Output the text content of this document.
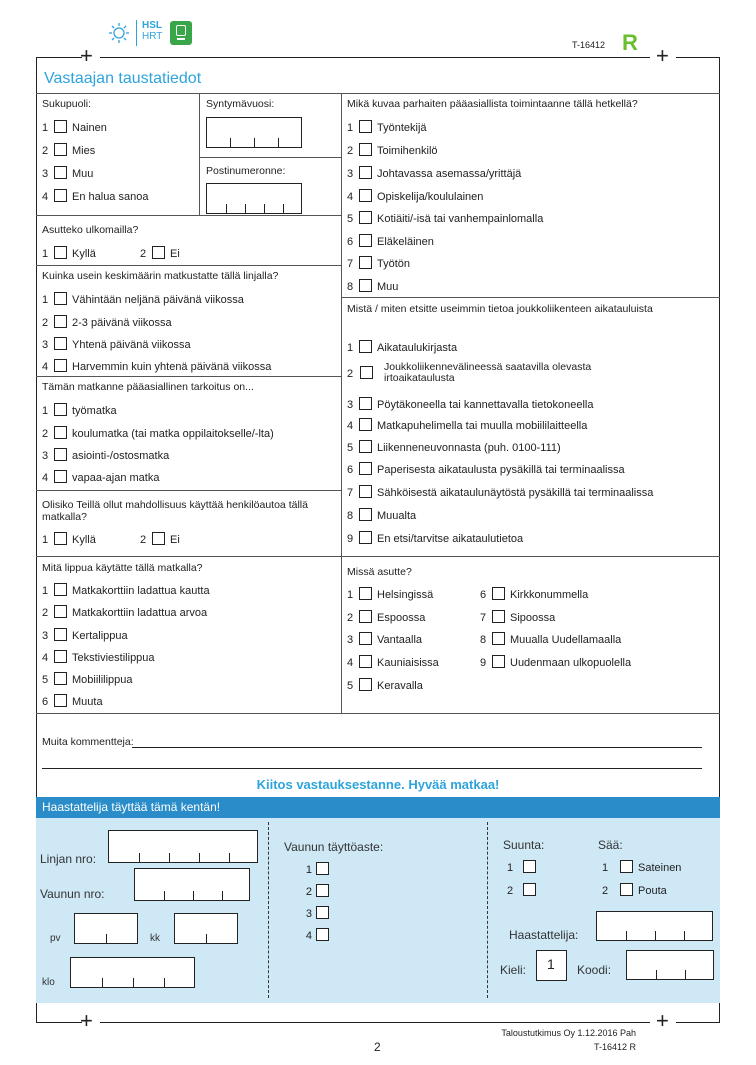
HSL
HRT
T-16412 R
+	+
Vastaajan taustatiedot
Sukupuoli:
1 Nainen
2 Mies
3 Muu
4 En halua sanoa
Syntymävuosi:
Postinumeronne:
Asutteko ulkomailla?
1 Kyllä	2 Ei
Kuinka usein keskimäärin matkustatte tällä linjalla?
1 Vähintään neljänä päivänä viikossa
2 2-3 päivänä viikossa
3 Yhtenä päivänä viikossa
4 Harvemmin kuin yhtenä päivänä viikossa
Tämän matkanne pääasiallinen tarkoitus on...
1 työmatka
2 koulumatka (tai matka oppilaitokselle/-lta)
3 asiointi-/ostosmatka
4 vapaa-ajan matka
Olisiko Teillä ollut mahdollisuus käyttää henkilöautoa tällä matkalla?
1 Kyllä	2 Ei
Mitä lippua käytätte tällä matkalla?
1 Matkakorttiin ladattua kautta
2 Matkakorttiin ladattua arvoa
3 Kertalippua
4 Tekstiviestilippua
5 Mobiililippua
6 Muuta
Mikä kuvaa parhaiten pääasiallista toimintaanne tällä hetkellä?
1 Työntekijä
2 Toimihenkilö
3 Johtavassa asemassa/yrittäjä
4 Opiskelija/koululainen
5 Kotiäiti/-isä tai vanhempainlomalla
6 Eläkeläinen
7 Työtön
8 Muu
Mistä / miten etsitte useimmin tietoa joukkoliikenteen aikatauluista
1 Aikataulukirjasta
2
Joukkoliikennevälineessä saatavilla olevasta irtoaikataulusta
3 Pöytäkoneella tai kannettavalla tietokoneella
4 Matkapuhelimella tai muulla mobiililaitteella
5 Liikenneneuvonnasta (puh. 0100-111)
6 Paperisesta aikataulusta pysäkillä tai terminaalissa
7 Sähköisestä aikataulunäytöstä pysäkillä tai terminaalissa
8 Muualta
9 En etsi/tarvitse aikataulutietoa
Missä asutte?
1 Helsingissä
2 Espoossa
3 Vantaalla
4 Kauniaisissa
5 Keravalla
6 Kirkkonummella
7 Sipoossa
8 Muualla Uudellamaalla
9 Uudenmaan ulkopuolella
Muita kommentteja:
Kiitos vastauksestanne. Hyvää matkaa!
Haastattelija täyttää tämä kentän!
Linjan nro:
Vaunun nro:
pv	kk
klo
Vaunun täyttöaste:
1
2
3
4
Suunta:
1
2
Sää:
1	Sateinen
2	Pouta
Haastattelija:
Kieli: 1 Koodi:
+	+
Taloustutkimus Oy 1.12.2016 Pah
T-16412 R
2
